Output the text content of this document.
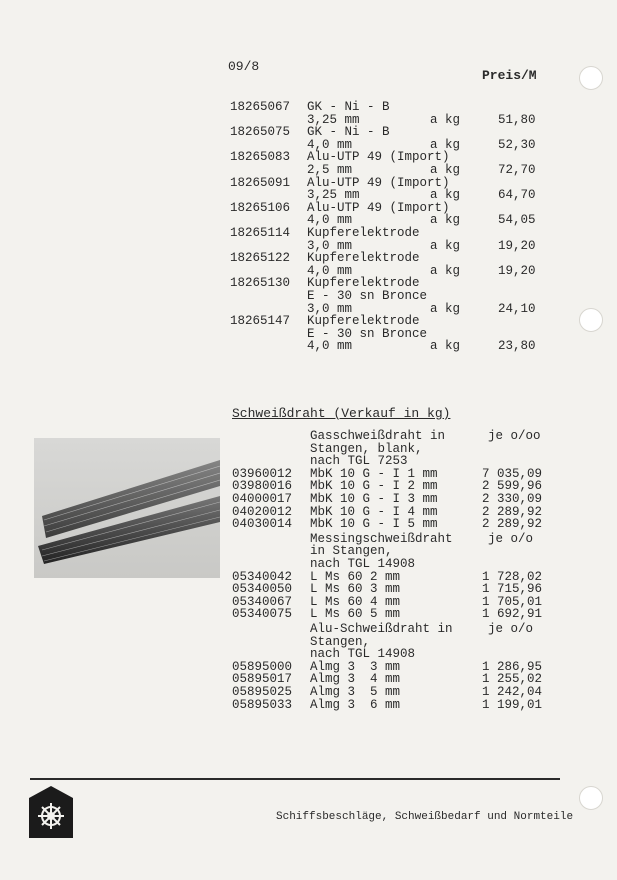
09/8
Preis/M
18265067 GK - Ni - B
3,25 mm	a kg	51,80
18265075 GK - Ni - B
4,0 mm	a kg	52,30
18265083 Alu-UTP 49 (Import)
2,5 mm	a kg	72,70
18265091 Alu-UTP 49 (Import)
3,25 mm	a kg	64,70
18265106 Alu-UTP 49 (Import)
4,0 mm	a kg	54,05
18265114 Kupferelektrode
3,0 mm	a kg	19,20
18265122 Kupferelektrode
4,0 mm	a kg	19,20
18265130 Kupferelektrode
E - 30 sn Bronce
3,0 mm	a kg	24,10
18265147 Kupferelektrode
E - 30 sn Bronce
4,0 mm	a kg	23,80
Schweißdraht (Verkauf in kg)
Gasschweißdraht in
Stangen, blank,
nach TGL 7253
je o/oo
03960012 MbK 10 G - I 1 mm	7 035,09
03980016 MbK 10 G - I 2 mm	2 599,96
04000017 MbK 10 G - I 3 mm	2 330,09
04020012 MbK 10 G - I 4 mm	2 289,92
04030014 MbK 10 G - I 5 mm	2 289,92
Messingschweißdraht
in Stangen,
nach TGL 14908
je o/o
05340042 L Ms 60 2 mm	1 728,02
05340050 L Ms 60 3 mm	1 715,96
05340067 L Ms 60 4 mm	1 705,01
05340075 L Ms 60 5 mm	1 692,91
Alu-Schweißdraht in
Stangen,
nach TGL 14908
je o/o
05895000 Almg 3  3 mm	1 286,95
05895017 Almg 3  4 mm	1 255,02
05895025 Almg 3  5 mm	1 242,04
05895033 Almg 3  6 mm	1 199,01
Schiffsbeschläge, Schweißbedarf und Normteile
